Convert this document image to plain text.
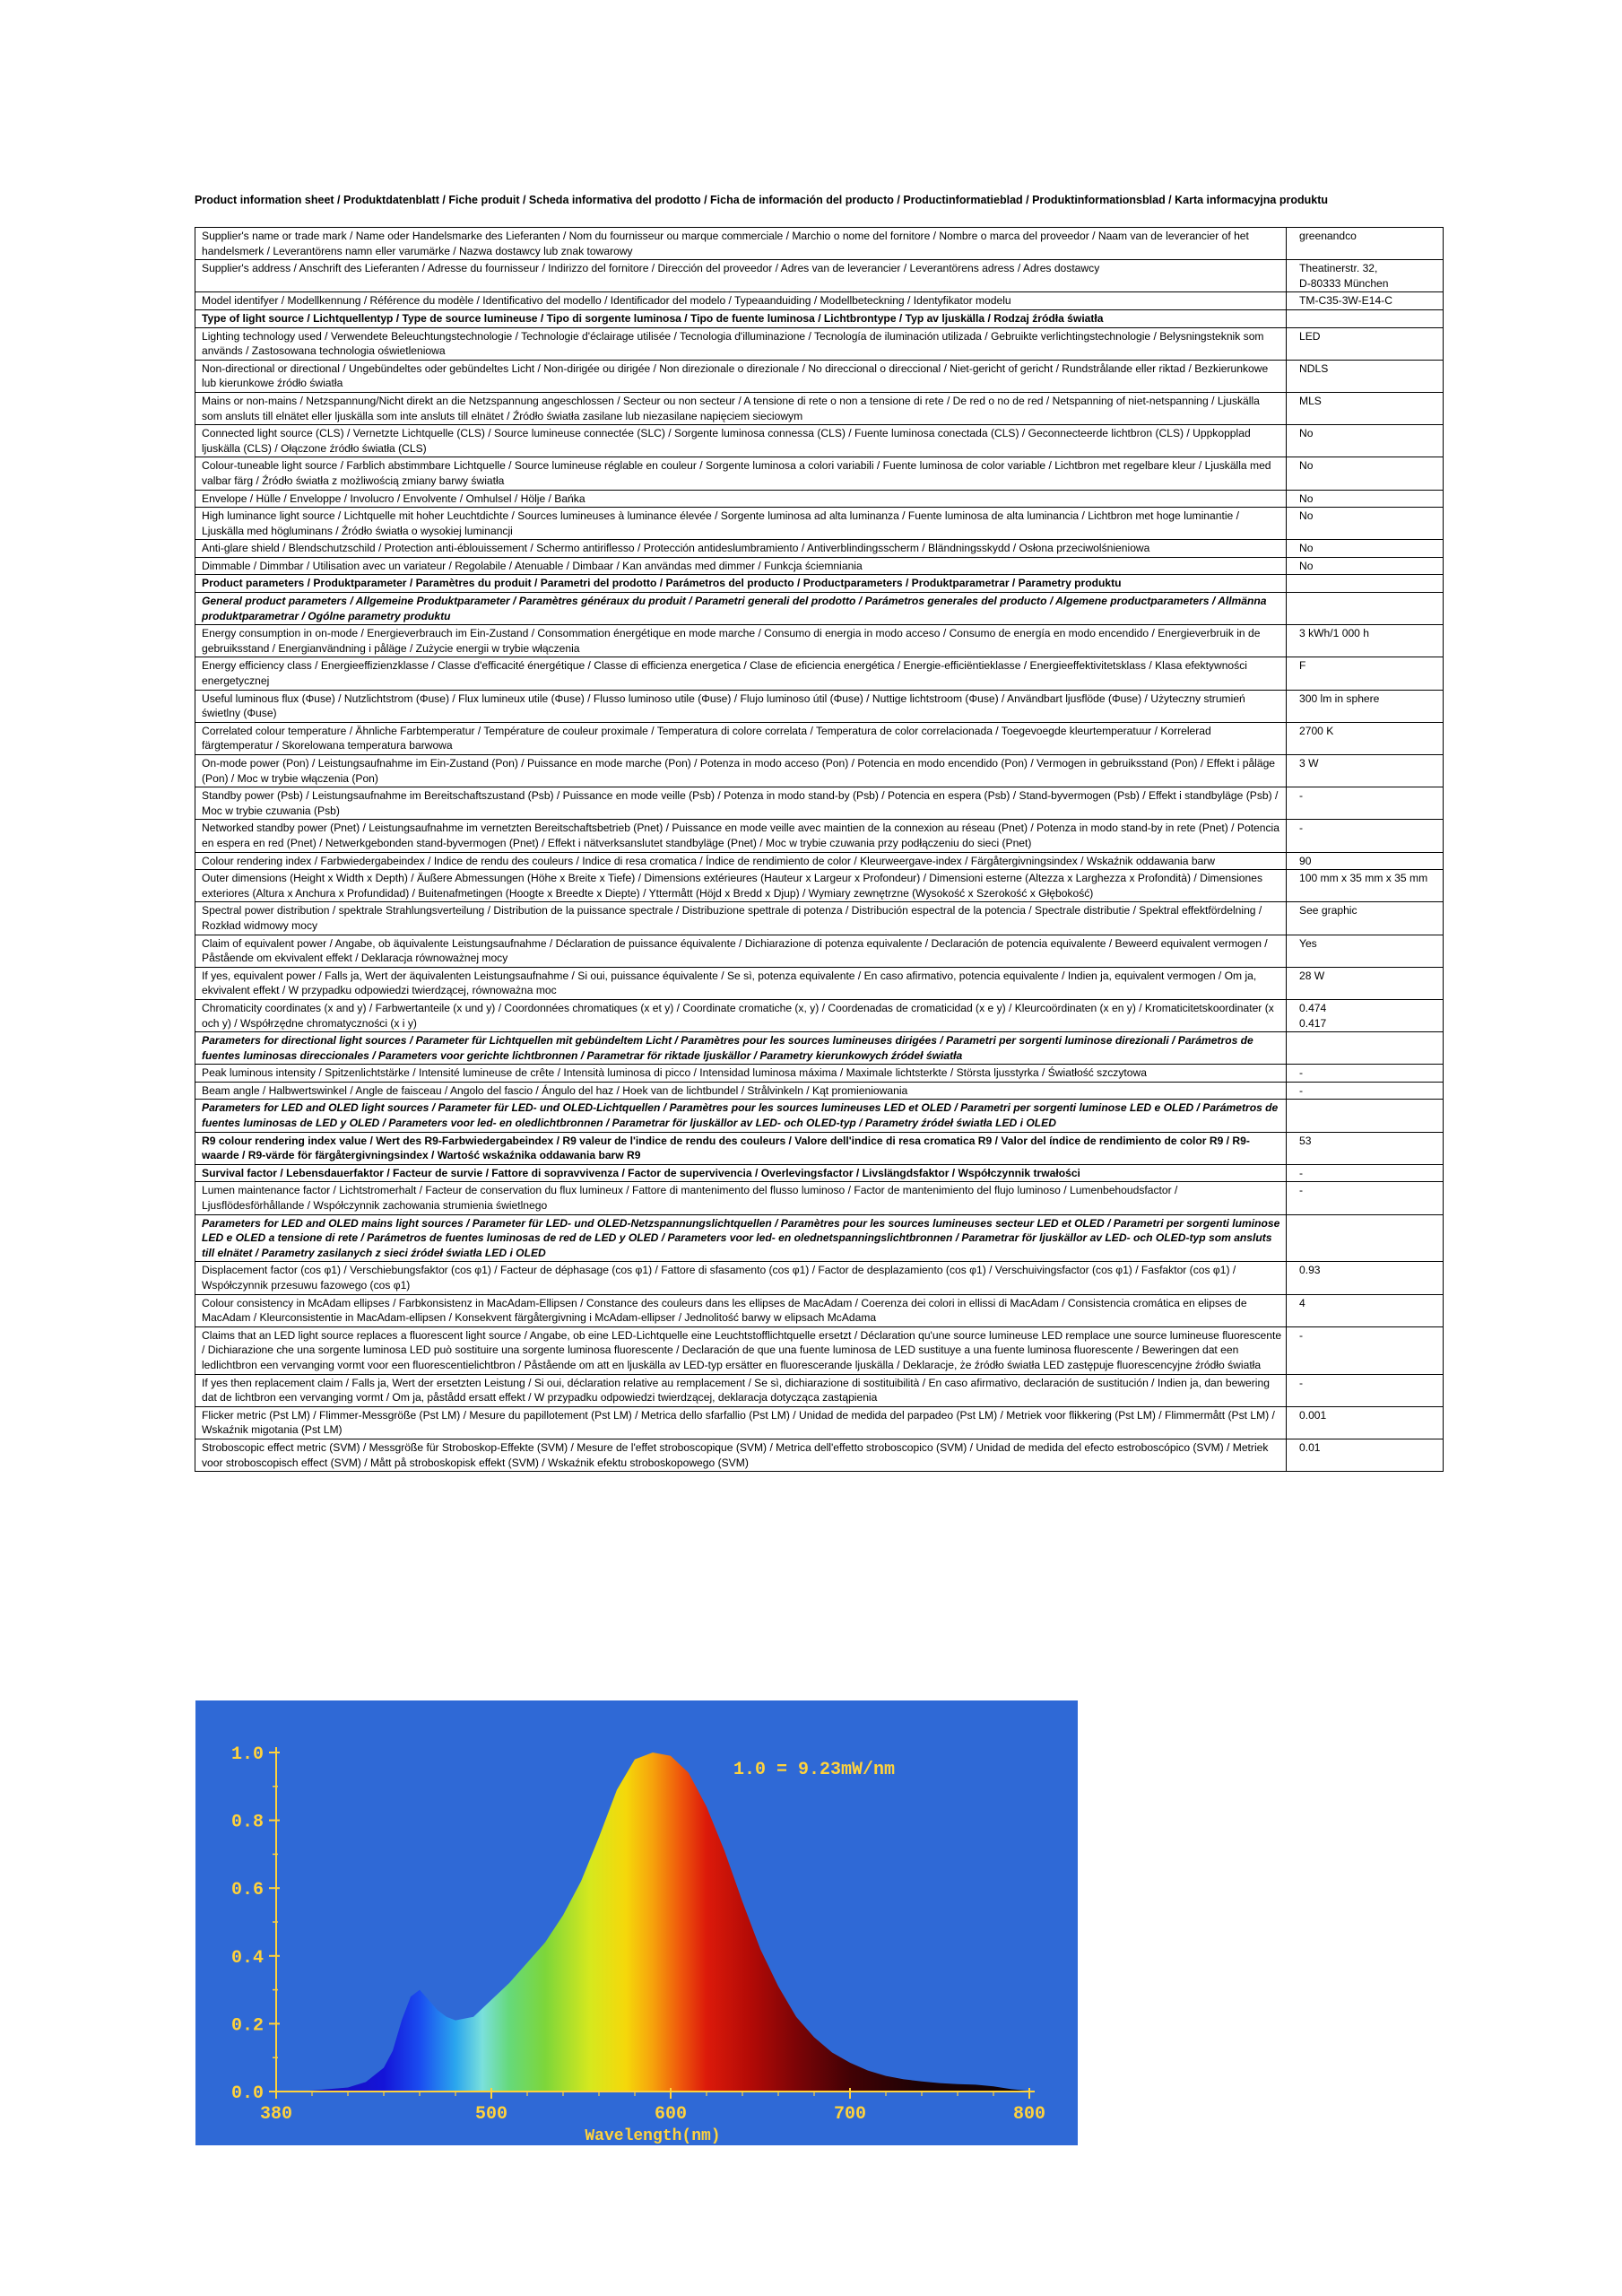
Product information sheet / Produktdatenblatt / Fiche produit / Scheda informativa del prodotto / Ficha de información del producto / Productinformatieblad / Produktinformationsblad / Karta informacyjna produktu
Supplier's name or trade mark / Name oder Handelsmarke des Lieferanten / Nom du fournisseur ou marque commerciale / Marchio o nome del fornitore / Nombre o marca del proveedor / Naam van de leverancier of het handelsmerk / Leverantörens namn eller varumärke / Nazwa dostawcy lub znak towarowy	greenandco

Supplier's address / Anschrift des Lieferanten / Adresse du fournisseur / Indirizzo del fornitore / Dirección del proveedor / Adres van de leverancier / Leverantörens adress / Adres dostawcy	Theatinerstr. 32,
D-80333 München

Model identifyer / Modellkennung / Référence du modèle / Identificativo del modello / Identificador del modelo / Typeaanduiding / Modellbeteckning / Identyfikator modelu	TM-C35-3W-E14-C

Type of light source / Lichtquellentyp / Type de source lumineuse / Tipo di sorgente luminosa / Tipo de fuente luminosa / Lichtbrontype / Typ av ljuskälla / Rodzaj źródła światła	
Lighting technology used / Verwendete Beleuchtungstechnologie / Technologie d'éclairage utilisée / Tecnologia d'illuminazione / Tecnología de iluminación utilizada / Gebruikte verlichtingstechnologie / Belysningsteknik som används / Zastosowana technologia oświetleniowa	LED

Non-directional or directional / Ungebündeltes oder gebündeltes Licht / Non-dirigée ou dirigée / Non direzionale o direzionale / No direccional o direccional / Niet-gericht of gericht / Rundstrålande eller riktad / Bezkierunkowe lub kierunkowe źródło światła	NDLS

Mains or non-mains / Netzspannung/Nicht direkt an die Netzspannung angeschlossen / Secteur ou non secteur / A tensione di rete o non a tensione di rete / De red o no de red / Netspanning of niet-netspanning / Ljuskälla som ansluts till elnätet eller ljuskälla som inte ansluts till elnätet / Źródło światła zasilane lub niezasilane napięciem sieciowym	MLS

Connected light source (CLS) / Vernetzte Lichtquelle (CLS) / Source lumineuse connectée (SLC) / Sorgente luminosa connessa (CLS) / Fuente luminosa conectada (CLS) / Geconnecteerde lichtbron (CLS) / Uppkopplad ljuskälla (CLS) / Ołączone źródło światła (CLS)	No

Colour-tuneable light source / Farblich abstimmbare Lichtquelle / Source lumineuse réglable en couleur / Sorgente luminosa a colori variabili / Fuente luminosa de color variable / Lichtbron met regelbare kleur / Ljuskälla med valbar färg / Źródło światła z możliwością zmiany barwy światła	No

Envelope / Hülle / Enveloppe / Involucro / Envolvente / Omhulsel / Hölje / Bańka	No

High luminance light source / Lichtquelle mit hoher Leuchtdichte / Sources lumineuses à luminance élevée / Sorgente luminosa ad alta luminanza / Fuente luminosa de alta luminancia / Lichtbron met hoge luminantie / Ljuskälla med högluminans / Źródło światła o wysokiej luminancji	No

Anti-glare shield / Blendschutzschild / Protection anti-éblouissement / Schermo antiriflesso / Protección antideslumbramiento / Antiverblindingsscherm / Bländningsskydd / Osłona przeciwolśnieniowa	No

Dimmable / Dimmbar / Utilisation avec un variateur / Regolabile / Atenuable / Dimbaar / Kan användas med dimmer / Funkcja ściemniania	No

Product parameters / Produktparameter / Paramètres du produit / Parametri del prodotto / Parámetros del producto / Productparameters / Produktparametrar / Parametry produktu	
General product parameters / Allgemeine Produktparameter / Paramètres généraux du produit / Parametri generali del prodotto / Parámetros generales del producto / Algemene productparameters / Allmänna produktparametrar / Ogólne parametry produktu	
Energy consumption in on-mode / Energieverbrauch im Ein-Zustand / Consommation énergétique en mode marche / Consumo di energia in modo acceso / Consumo de energía en modo encendido / Energieverbruik in de gebruiksstand / Energianvändning i påläge / Zużycie energii w trybie włączenia	3 kWh/1 000 h

Energy efficiency class / Energieeffizienzklasse / Classe d'efficacité énergétique / Classe di efficienza energetica / Clase de eficiencia energética / Energie-efficiëntieklasse / Energieeffektivitetsklass / Klasa efektywności energetycznej	F

Useful luminous flux (Φuse) / Nutzlichtstrom (Φuse) / Flux lumineux utile (Φuse) / Flusso luminoso utile (Φuse) / Flujo luminoso útil (Φuse) / Nuttige lichtstroom (Φuse) / Användbart ljusflöde (Φuse) / Użyteczny strumień świetlny (Φuse)	300 lm in sphere

Correlated colour temperature / Ähnliche Farbtemperatur / Température de couleur proximale / Temperatura di colore correlata / Temperatura de color correlacionada / Toegevoegde kleurtemperatuur / Korrelerad färgtemperatur / Skorelowana temperatura barwowa	2700 K

On-mode power (Pon) / Leistungsaufnahme im Ein-Zustand (Pon) / Puissance en mode marche (Pon) / Potenza in modo acceso (Pon) / Potencia en modo encendido (Pon) / Vermogen in gebruiksstand (Pon) / Effekt i påläge (Pon) / Moc w trybie włączenia (Pon)	3 W

Standby power (Psb) / Leistungsaufnahme im Bereitschaftszustand (Psb) / Puissance en mode veille (Psb) / Potenza in modo stand-by (Psb) / Potencia en espera (Psb) / Stand-byvermogen (Psb) / Effekt i standbyläge (Psb) / Moc w trybie czuwania (Psb)	-

Networked standby power (Pnet) / Leistungsaufnahme im vernetzten Bereitschaftsbetrieb (Pnet) / Puissance en mode veille avec maintien de la connexion au réseau (Pnet) / Potenza in modo stand-by in rete (Pnet) / Potencia en espera en red (Pnet) / Netwerkgebonden stand-byvermogen (Pnet) / Effekt i nätverksanslutet standbyläge (Pnet) / Moc w trybie czuwania przy podłączeniu do sieci (Pnet)	-

Colour rendering index / Farbwiedergabeindex / Indice de rendu des couleurs / Indice di resa cromatica / Índice de rendimiento de color / Kleurweergave-index / Färgåtergivningsindex / Wskaźnik oddawania barw	90

Outer dimensions (Height x Width x Depth) / Äußere Abmessungen (Höhe x Breite x Tiefe) / Dimensions extérieures (Hauteur x Largeur x Profondeur) / Dimensioni esterne (Altezza x Larghezza x Profondità) / Dimensiones exteriores (Altura x Anchura x Profundidad) / Buitenafmetingen (Hoogte x Breedte x Diepte) / Yttermått (Höjd x Bredd x Djup) / Wymiary zewnętrzne (Wysokość x Szerokość x Głębokość)	100 mm x 35 mm x 35 mm

Spectral power distribution / spektrale Strahlungsverteilung / Distribution de la puissance spectrale / Distribuzione spettrale di potenza / Distribución espectral de la potencia / Spectrale distributie / Spektral effektfördelning / Rozkład widmowy mocy	See graphic

Claim of equivalent power / Angabe, ob äquivalente Leistungsaufnahme / Déclaration de puissance équivalente / Dichiarazione di potenza equivalente / Declaración de potencia equivalente / Beweerd equivalent vermogen / Påstående om ekvivalent effekt / Deklaracja równoważnej mocy	Yes

If yes, equivalent power / Falls ja, Wert der äquivalenten Leistungsaufnahme / Si oui, puissance équivalente / Se sì, potenza equivalente / En caso afirmativo, potencia equivalente / Indien ja, equivalent vermogen / Om ja, ekvivalent effekt / W przypadku odpowiedzi twierdzącej, równoważna moc	28 W

Chromaticity coordinates (x and y) / Farbwertanteile (x und y) / Coordonnées chromatiques (x et y) / Coordinate cromatiche (x, y) / Coordenadas de cromaticidad (x e y) / Kleurcoördinaten (x en y) / Kromaticitetskoordinater (x och y) / Współrzędne chromatyczności (x i y)	0.474
0.417

Parameters for directional light sources / Parameter für Lichtquellen mit gebündeltem Licht / Paramètres pour les sources lumineuses dirigées / Parametri per sorgenti luminose direzionali / Parámetros de fuentes luminosas direccionales / Parameters voor gerichte lichtbronnen / Parametrar för riktade ljuskällor / Parametry kierunkowych źródeł światła	
Peak luminous intensity / Spitzenlichtstärke / Intensité lumineuse de crête / Intensità luminosa di picco / Intensidad luminosa máxima / Maximale lichtsterkte / Största ljusstyrka / Światłość szczytowa	-

Beam angle / Halbwertswinkel / Angle de faisceau / Angolo del fascio / Ángulo del haz / Hoek van de lichtbundel / Strålvinkeln / Kąt promieniowania	-

Parameters for LED and OLED light sources / Parameter für LED- und OLED-Lichtquellen / Paramètres pour les sources lumineuses LED et OLED / Parametri per sorgenti luminose LED e OLED / Parámetros de fuentes luminosas de LED y OLED / Parameters voor led- en oledlichtbronnen / Parametrar för ljuskällor av LED- och OLED-typ / Parametry źródeł światła LED i OLED	
R9 colour rendering index value / Wert des R9-Farbwiedergabeindex / R9 valeur de l'indice de rendu des couleurs / Valore dell'indice di resa cromatica R9 / Valor del índice de rendimiento de color R9 / R9-waarde / R9-värde för färgåtergivningsindex / Wartość wskaźnika oddawania barw R9	53

Survival factor / Lebensdauerfaktor / Facteur de survie / Fattore di sopravvivenza / Factor de supervivencia / Overlevingsfactor / Livslängdsfaktor / Współczynnik trwałości	-

Lumen maintenance factor / Lichtstromerhalt / Facteur de conservation du flux lumineux / Fattore di mantenimento del flusso luminoso / Factor de mantenimiento del flujo luminoso / Lumenbehoudsfactor / Ljusflödesförhållande / Współczynnik zachowania strumienia świetlnego	-

Parameters for LED and OLED mains light sources / Parameter für LED- und OLED-Netzspannungslichtquellen / Paramètres pour les sources lumineuses secteur LED et OLED / Parametri per sorgenti luminose LED e OLED a tensione di rete / Parámetros de fuentes luminosas de red de LED y OLED / Parameters voor led- en olednetspanningslichtbronnen / Parametrar för ljuskällor av LED- och OLED-typ som ansluts till elnätet / Parametry zasilanych z sieci źródeł światła LED i OLED	
Displacement factor (cos φ1) / Verschiebungsfaktor (cos φ1) / Facteur de déphasage (cos φ1) / Fattore di sfasamento (cos φ1) / Factor de desplazamiento (cos φ1) / Verschuivingsfactor (cos φ1) / Fasfaktor (cos φ1) / Współczynnik przesuwu fazowego (cos φ1)	0.93

Colour consistency in McAdam ellipses / Farbkonsistenz in MacAdam-Ellipsen / Constance des couleurs dans les ellipses de MacAdam / Coerenza dei colori in ellissi di MacAdam / Consistencia cromática en elipses de MacAdam / Kleurconsistentie in MacAdam-ellipsen / Konsekvent färgåtergivning i McAdam-ellipser / Jednolitość barwy w elipsach McAdama	4

Claims that an LED light source replaces a fluorescent light source / Angabe, ob eine LED-Lichtquelle eine Leuchtstofflichtquelle ersetzt / Déclaration qu'une source lumineuse LED remplace une source lumineuse fluorescente / Dichiarazione che una sorgente luminosa LED può sostituire una sorgente luminosa fluorescente / Declaración de que una fuente luminosa de LED sustituye a una fuente luminosa fluorescente / Beweringen dat een ledlichtbron een vervanging vormt voor een fluorescentielichtbron / Påstående om att en ljuskälla av LED-typ ersätter en fluorescerande ljuskälla / Deklaracje, że źródło światła LED zastępuje fluorescencyjne źródło światła	-

If yes then replacement claim / Falls ja, Wert der ersetzten Leistung / Si oui, déclaration relative au remplacement / Se sì, dichiarazione di sostituibilità / En caso afirmativo, declaración de sustitución / Indien ja, dan bewering dat de lichtbron een vervanging vormt / Om ja, påstådd ersatt effekt / W przypadku odpowiedzi twierdzącej, deklaracja dotycząca zastąpienia	-

Flicker metric (Pst LM) / Flimmer-Messgröße (Pst LM) / Mesure du papillotement (Pst LM) / Metrica dello sfarfallio (Pst LM) / Unidad de medida del parpadeo (Pst LM) / Metriek voor flikkering (Pst LM) / Flimmermått (Pst LM) / Wskaźnik migotania (Pst LM)	0.001

Stroboscopic effect metric (SVM) / Messgröße für Stroboskop-Effekte (SVM) / Mesure de l'effet stroboscopique (SVM) / Metrica dell'effetto stroboscopico (SVM) / Unidad de medida del efecto estroboscópico (SVM) / Metriek voor stroboscopisch effect (SVM) / Mått på stroboskopisk effekt (SVM) / Wskaźnik efektu stroboskopowego (SVM)	0.01
0.0
0.2
0.4
0.6
0.8
1.0
380	500	600	700	800
1.0 = 9.23mW/nm
Wavelength(nm)
